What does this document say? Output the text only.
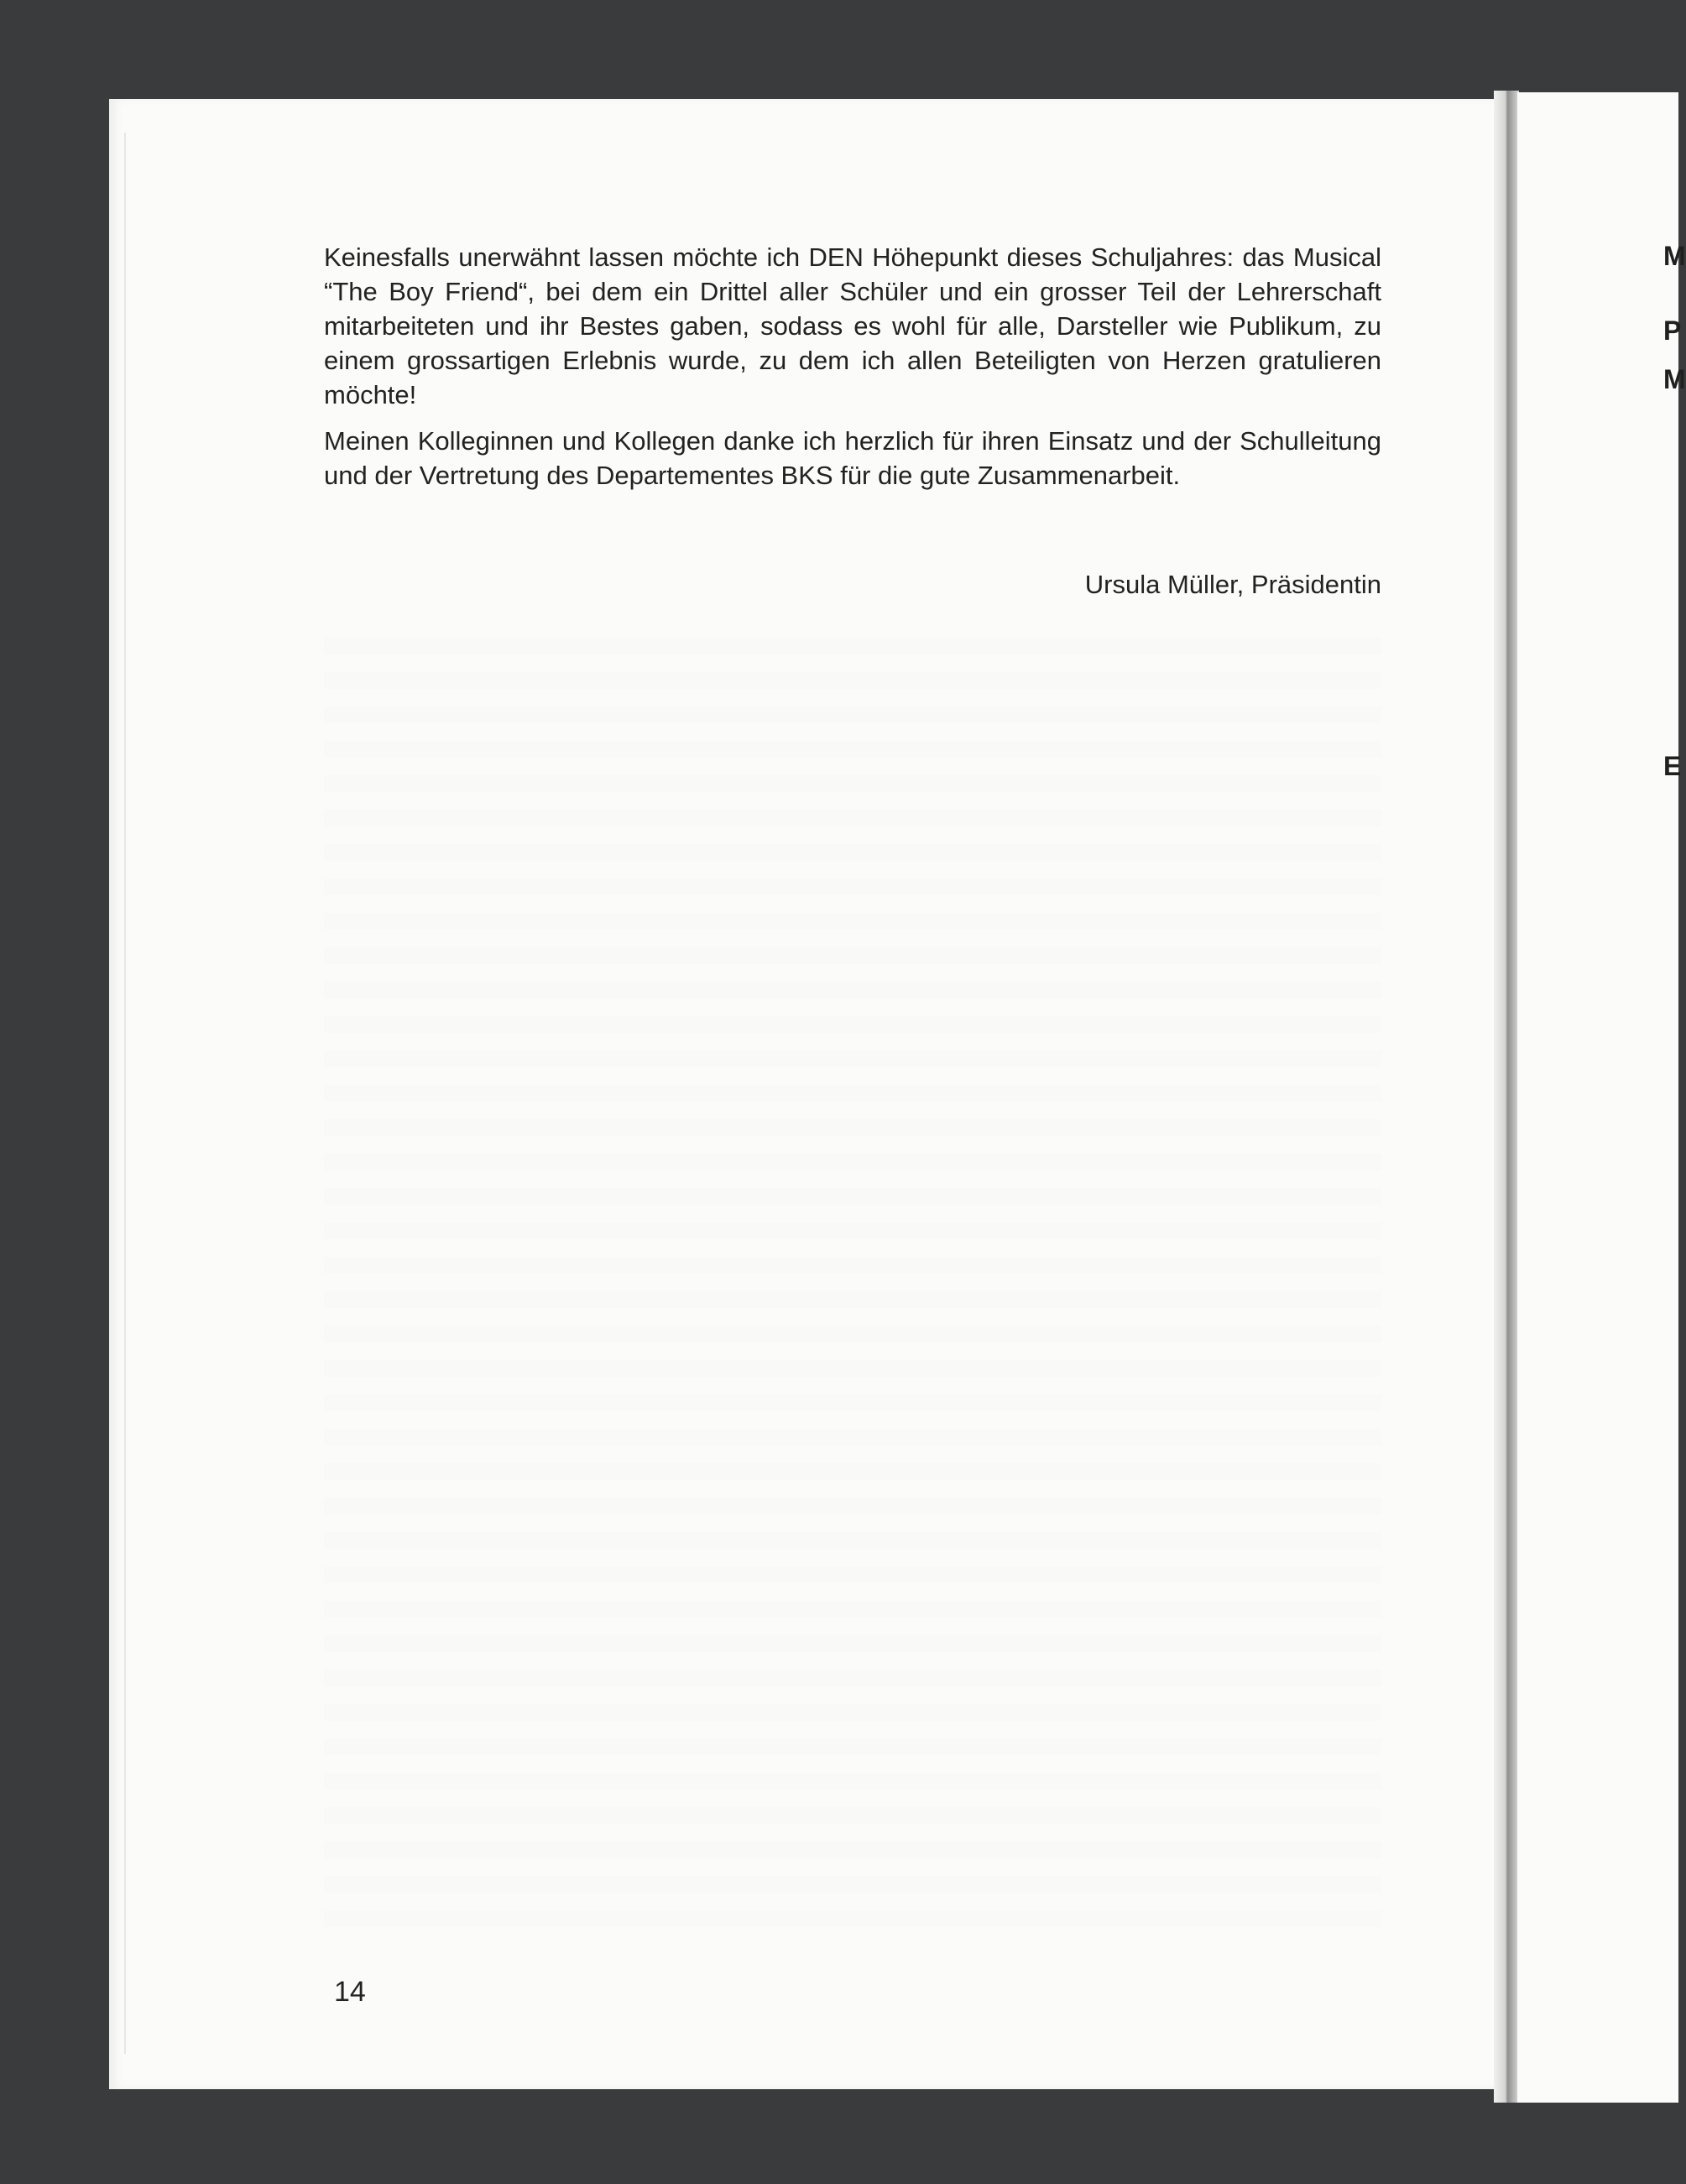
Keinesfalls unerwähnt lassen möchte ich DEN Höhepunkt dieses Schuljahres: das Musical “The Boy Friend“, bei dem ein Drittel aller Schüler und ein grosser Teil der Lehrerschaft mitarbeiteten und ihr Bestes gaben, sodass es wohl für alle, Darsteller wie Publikum, zu einem grossartigen Erlebnis wurde, zu dem ich allen Beteiligten von Herzen gratulieren möchte!

Meinen Kolleginnen und Kollegen danke ich herzlich für ihren Einsatz und der Schulleitung und der Vertretung des Departementes BKS für die gute Zusammenarbeit.

Ursula Müller, Präsidentin
14
M
P
M
E
